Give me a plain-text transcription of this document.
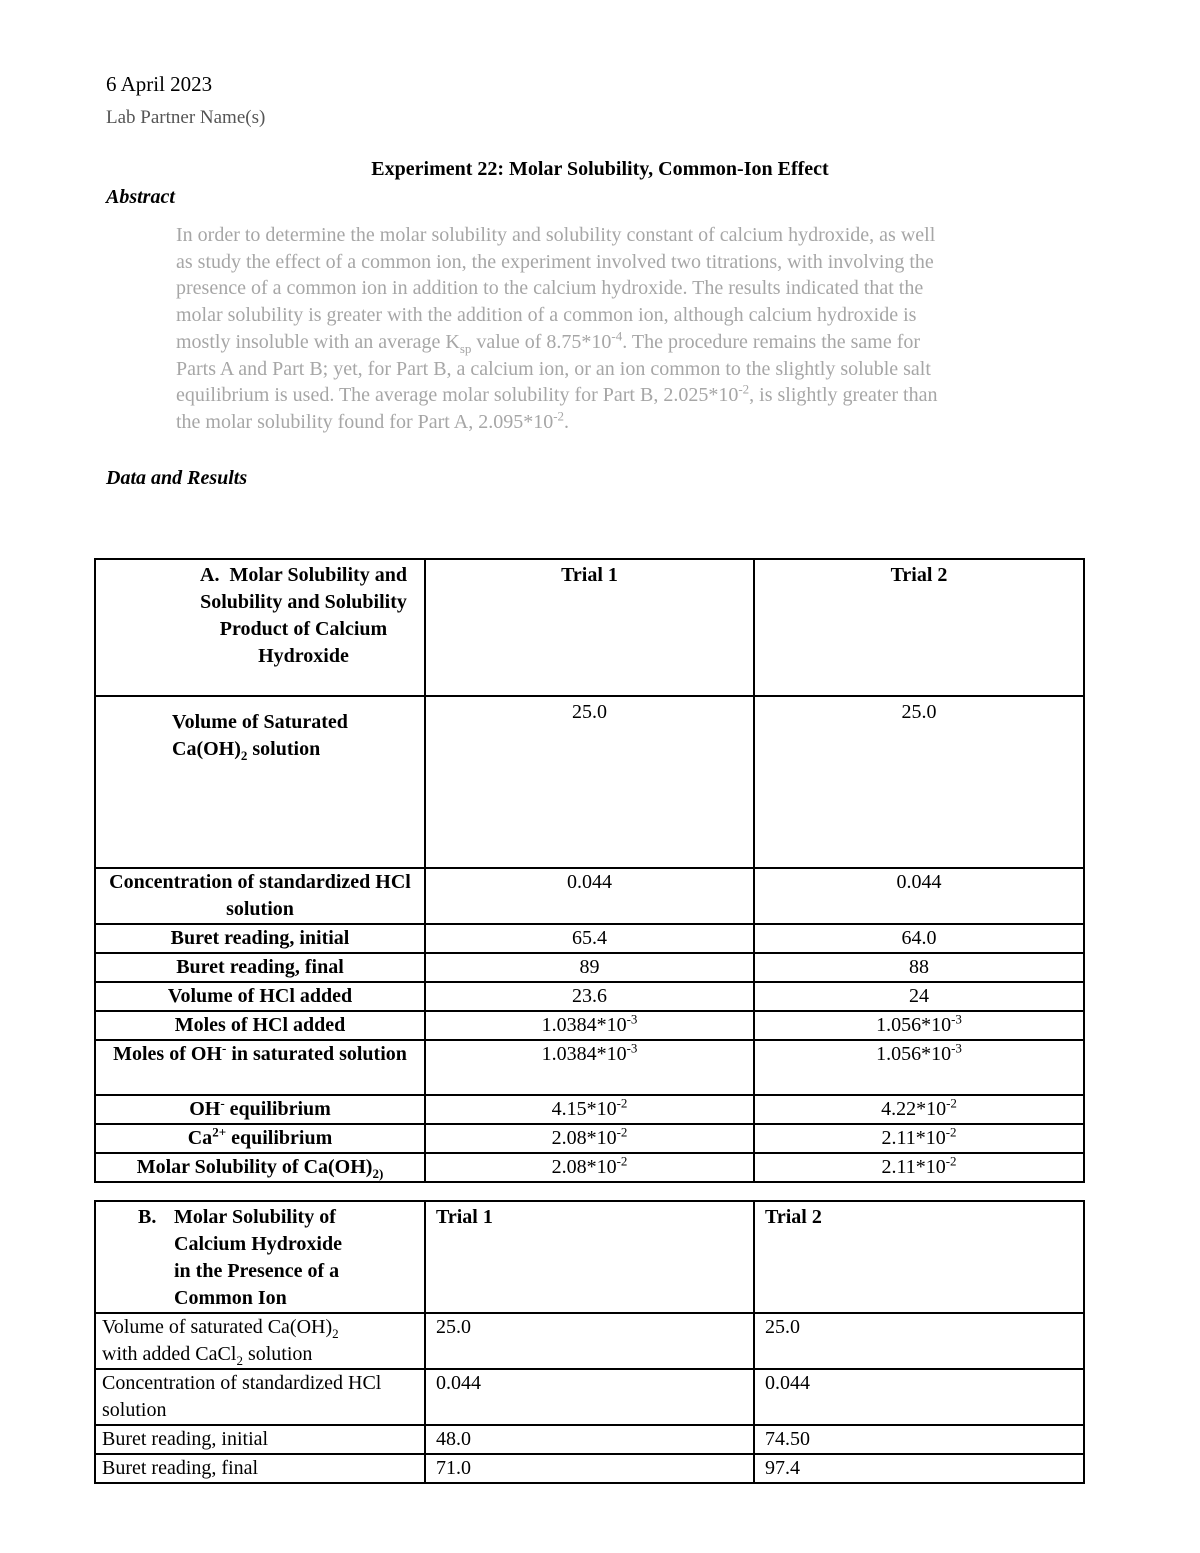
6 April 2023
Lab Partner Name(s)
Experiment 22: Molar Solubility, Common-Ion Effect
Abstract
In order to determine the molar solubility and solubility constant of calcium hydroxide, as well
as study the effect of a common ion, the experiment involved two titrations, with involving the
presence of a common ion in addition to the calcium hydroxide. The results indicated that the
molar solubility is greater with the addition of a common ion, although calcium hydroxide is
mostly insoluble with an average $K_{sp}$ value of $8.75*10^{-4}$. The procedure remains the same for
Parts A and Part B; yet, for Part B, a calcium ion, or an ion common to the slightly soluble salt
equilibrium is used. The average molar solubility for Part B, $2.025*10^{-2}$, is slightly greater than
the molar solubility found for Part A, $2.095*10^{-2}$.
Data and Results
A. Molar Solubility and Solubility and Solubility Product of Calcium Hydroxide	Trial 1	Trial 2

Volume of Saturated $Ca(OH)_2$ solution	25.0	25.0
Concentration of standardized HCl solution	0.044	0.044
Buret reading, initial	65.4	64.0
Buret reading, final	89	88
Volume of HCl added	23.6	24
Moles of HCl added	$1.0384*10^{-3}$	$1.056*10^{-3}$
Moles of OH- in saturated solution	$1.0384*10^{-3}$	$1.056*10^{-3}$
OH- equilibrium	$4.15*10^{-2}$	$4.22*10^{-2}$
$Ca^{2+}$ equilibrium	$2.08*10^{-2}$	$2.11*10^{-2}$
Molar Solubility of $Ca(OH)_{2)}$	$2.08*10^{-2}$	$2.11*10^{-2}$
B. Molar Solubility of
Calcium Hydroxide
in the Presence of a
Common Ion	Trial 1	Trial 2
Volume of saturated $Ca(OH)_2$
with added CaCl$_2$ solution	25.0	25.0
Concentration of standardized HCl solution	0.044	0.044
Buret reading, initial	48.0	74.50
Buret reading, final	71.0	97.4
